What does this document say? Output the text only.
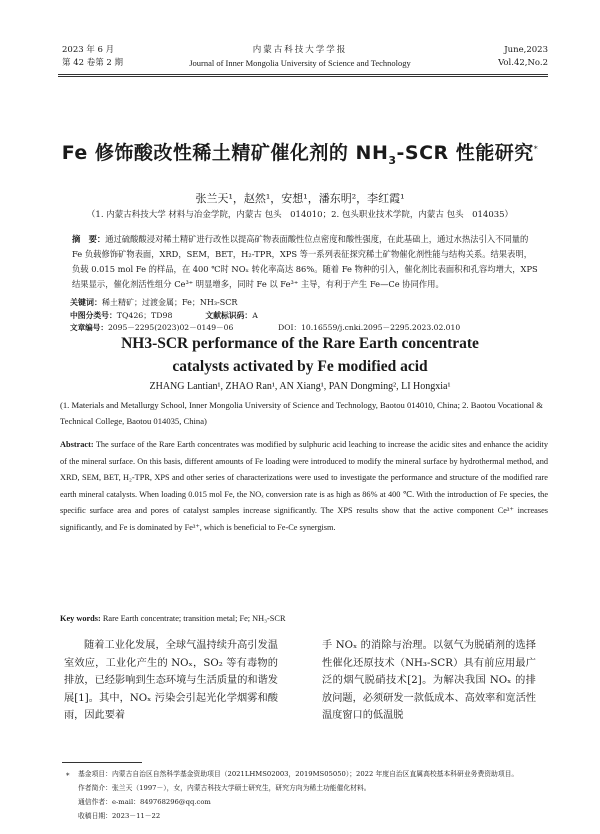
2023 年 6 月
第 42 卷第 2 期
内蒙古科技大学学报
Journal of Inner Mongolia University of Science and Technology
June,2023
Vol.42,No.2
Fe 修饰酸改性稀土精矿催化剂的 $NH_3$-SCR 性能研究*
张兰天¹，赵然¹，安想¹，潘东明²，李红霞¹
（1. 内蒙古科技大学 材料与冶金学院，内蒙古 包头　014010；2. 包头职业技术学院，内蒙古 包头　014035）
摘　要：通过硫酸酸浸对稀土精矿进行改性以提高矿物表面酸性位点密度和酸性强度，在此基础上，通过水热法引入不同量的 Fe 负载修饰矿物表面，XRD，SEM，BET，H₂-TPR，XPS 等一系列表征探究稀土矿物催化剂性能与结构关系。结果表明，负载 0.015 mol Fe 的样品，在 400 ℃时 NOₓ 转化率高达 86%。随着 Fe 物种的引入，催化剂比表面积和孔容均增大，XPS 结果显示，催化剂活性组分 Ce³⁺ 明显增多，同时 Fe 以 Fe³⁺ 主导，有利于产生 Fe—Ce 协同作用。
关键词：稀土精矿；过渡金属；Fe；NH₃-SCR
中图分类号：TQ426；TD98	文献标识码：A
NH3-SCR performance of the Rare Earth concentrate
catalysts activated by Fe modified acid
ZHANG Lantian¹, ZHAO Ran¹, AN Xiang¹, PAN Dongming², LI Hongxia¹
(1. Materials and Metallurgy School, Inner Mongolia University of Science and Technology, Baotou 014010, China; 2. Baotou Vocational & Technical College, Baotou 014035, China)
Abstract: The surface of the Rare Earth concentrates was modified by sulphuric acid leaching to increase the acidic sites and enhance the acidity of the mineral surface. On this basis, different amounts of Fe loading were introduced to modify the mineral surface by hydrothermal method, and XRD, SEM, BET, H₂-TPR, XPS and other series of characterizations were used to investigate the performance and structure of the modified rare earth mineral catalysts. When loading 0.015 mol Fe, the NOₓ conversion rate is as high as 86% at 400 ℃. With the introduction of Fe species, the specific surface area and pores of catalyst samples increase significantly. The XPS results show that the active component Ce³⁺ increases significantly, and Fe is dominated by Fe³⁺, which is beneficial to Fe-Ce synergism.
Key words: Rare Earth concentrate; transition metal; Fe; NH₃-SCR
随着工业化发展，全球气温持续升高引发温室效应，工业化产生的 NOₓ，SO₂ 等有毒物的排放，已经影响到生态环境与生活质量的和谐发展[1]。其中，NOₓ 污染会引起光化学烟雾和酸雨，因此要着
手 NOₓ 的消除与治理。以氨气为脱硝剂的选择性催化还原技术（NH₃-SCR）具有前应用最广泛的烟气脱硝技术[2]。为解决我国 NOₓ 的排放问题，必须研发一款低成本、高效率和宽活性温度窗口的低温脱
* 基金项目：内蒙古自治区自然科学基金资助项目（2021LHMS02003，2019MS05050）；2022 年度自治区直属高校基本科研业务费资助项目。
作者简介：张兰天（1997－），女，内蒙古科技大学硕士研究生，研究方向为稀土功能催化材料。
通信作者：e-mail：849768296@qq.com
收稿日期：2023－11－22
文章编号：2095－2295(2023)02－0149－06	DOI：10.16559/j.cnki.2095－2295.2023.02.010
